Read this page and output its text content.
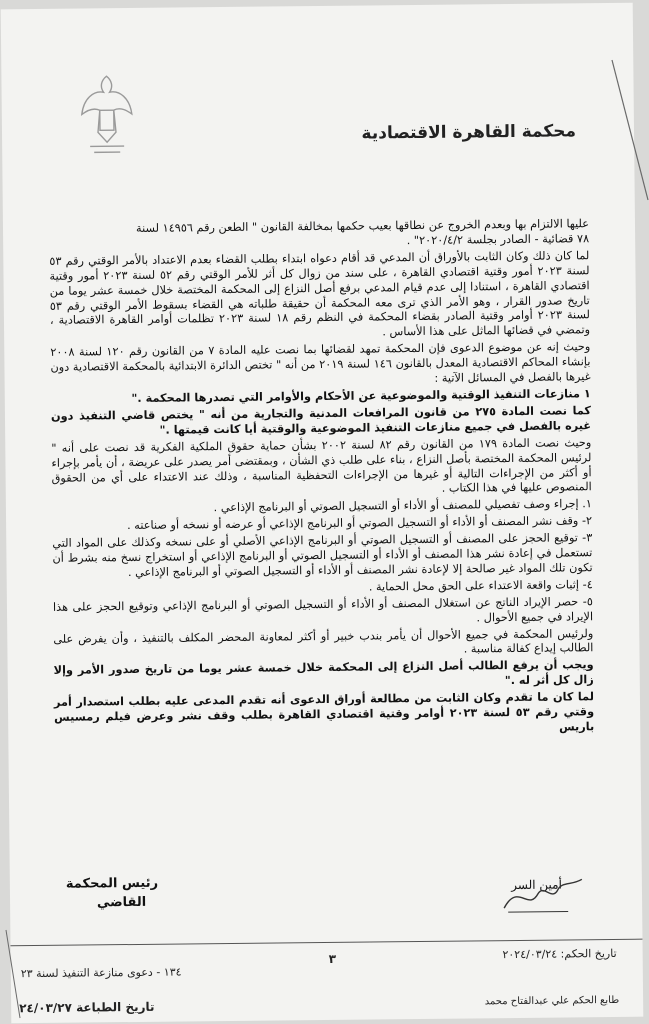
محكمة القاهرة الاقتصادية

عليها الالتزام بها وبعدم الخروج عن نطاقها بعيب حكمها بمخالفة القانون " الطعن رقم ١٤٩٥٦ لسنة

٧٨ قضائية - الصادر بجلسة ٢٠٢٠/٤/٢" .

لما كان ذلك وكان الثابت بالأوراق أن المدعي قد أقام دعواه ابتداء بطلب القضاء بعدم الاعتداد بالأمر الوقتي رقم ٥٣ لسنة ٢٠٢٣ أمور وقتية اقتصادي القاهرة ، على سند من زوال كل أثر للأمر الوقتي رقم ٥٢ لسنة ٢٠٢٣ أمور وقتية اقتصادي القاهرة ، استنادا إلى عدم قيام المدعي برفع أصل النزاع إلى المحكمة المختصة خلال خمسة عشر يوما من تاريخ صدور القرار ، وهو الأمر الذي ترى معه المحكمة أن حقيقة طلباته هي القضاء بسقوط الأمر الوقتي رقم ٥٣ لسنة ٢٠٢٣ أوامر وقتية الصادر بقضاء المحكمة في النظم رقم ١٨ لسنة ٢٠٢٣ تظلمات أوامر القاهرة الاقتصادية ، وتمضي في قضائها الماثل على هذا الأساس .

وحيث إنه عن موضوع الدعوى فإن المحكمة تمهد لقضائها بما نصت عليه المادة ٧ من القانون رقم ١٢٠ لسنة ٢٠٠٨ بإنشاء المحاكم الاقتصادية المعدل بالقانون ١٤٦ لسنة ٢٠١٩ من أنه " تختص الدائرة الابتدائية بالمحكمة الاقتصادية دون غيرها بالفصل في المسائل الآتية :

١ منازعات التنفيذ الوقتية والموضوعية عن الأحكام والأوامر التي تصدرها المحكمة ."

كما نصت المادة ٢٧٥ من قانون المرافعات المدنية والتجارية من أنه " يختص قاضي التنفيذ دون غيره بالفصل في جميع منازعات التنفيذ الموضوعية والوقتية أيا كانت قيمتها ."

وحيث نصت المادة ١٧٩ من القانون رقم ٨٢ لسنة ٢٠٠٢ بشأن حماية حقوق الملكية الفكرية قد نصت على أنه " لرئيس المحكمة المختصة بأصل النزاع ، بناء على طلب ذي الشأن ، وبمقتضى أمر يصدر على عريضة ، أن يأمر بإجراء أو أكثر من الإجراءات التالية أو غيرها من الإجراءات التحفظية المناسبة ، وذلك عند الاعتداء على أي من الحقوق المنصوص عليها في هذا الكتاب .

١. إجراء وصف تفصيلي للمصنف أو الأداء أو التسجيل الصوتي أو البرنامج الإذاعي .

٢- وقف نشر المصنف أو الأداء أو التسجيل الصوتي أو البرنامج الإذاعي أو عرضه أو نسخه أو صناعته .

٣- توقيع الحجز على المصنف أو التسجيل الصوتي أو البرنامج الإذاعي الأصلي أو على نسخه وكذلك على المواد التي تستعمل في إعادة نشر هذا المصنف أو الأداء أو التسجيل الصوتي أو البرنامج الإذاعي أو استخراج نسخ منه بشرط أن تكون تلك المواد غير صالحة إلا لإعادة نشر المصنف أو الأداء أو التسجيل الصوتي أو البرنامج الإذاعي .

٤- إثبات واقعة الاعتداء على الحق محل الحماية .

٥- حصر الإيراد الناتج عن استغلال المصنف أو الأداء أو التسجيل الصوتي أو البرنامج الإذاعي وتوقيع الحجز على هذا الإيراد في جميع الأحوال .

ولرئيس المحكمة في جميع الأحوال أن يأمر بندب خبير أو أكثر لمعاونة المحضر المكلف بالتنفيذ ، وأن يفرض على الطالب إيداع كفالة مناسبة .

ويجب أن يرفع الطالب أصل النزاع إلى المحكمة خلال خمسة عشر يوما من تاريخ صدور الأمر وإلا زال كل أثر له ."

لما كان ما تقدم وكان الثابت من مطالعة أوراق الدعوى أنه تقدم المدعى عليه بطلب استصدار أمر وقتي رقم ٥٣ لسنة ٢٠٢٣ أوامر وقتية اقتصادي القاهرة بطلب وقف نشر وعرض فيلم رمسيس باريس

رئيس المحكمة
القاضي
أمين السر
تاريخ الحكم: ٢٠٢٤/٠٣/٢٤
٣
١٣٤ - دعوى منازعة التنفيذ لسنة ٢٣
تاريخ الطباعة ٢٤/٠٣/٢٧	طابع الحكم علي عبدالفتاح محمد
